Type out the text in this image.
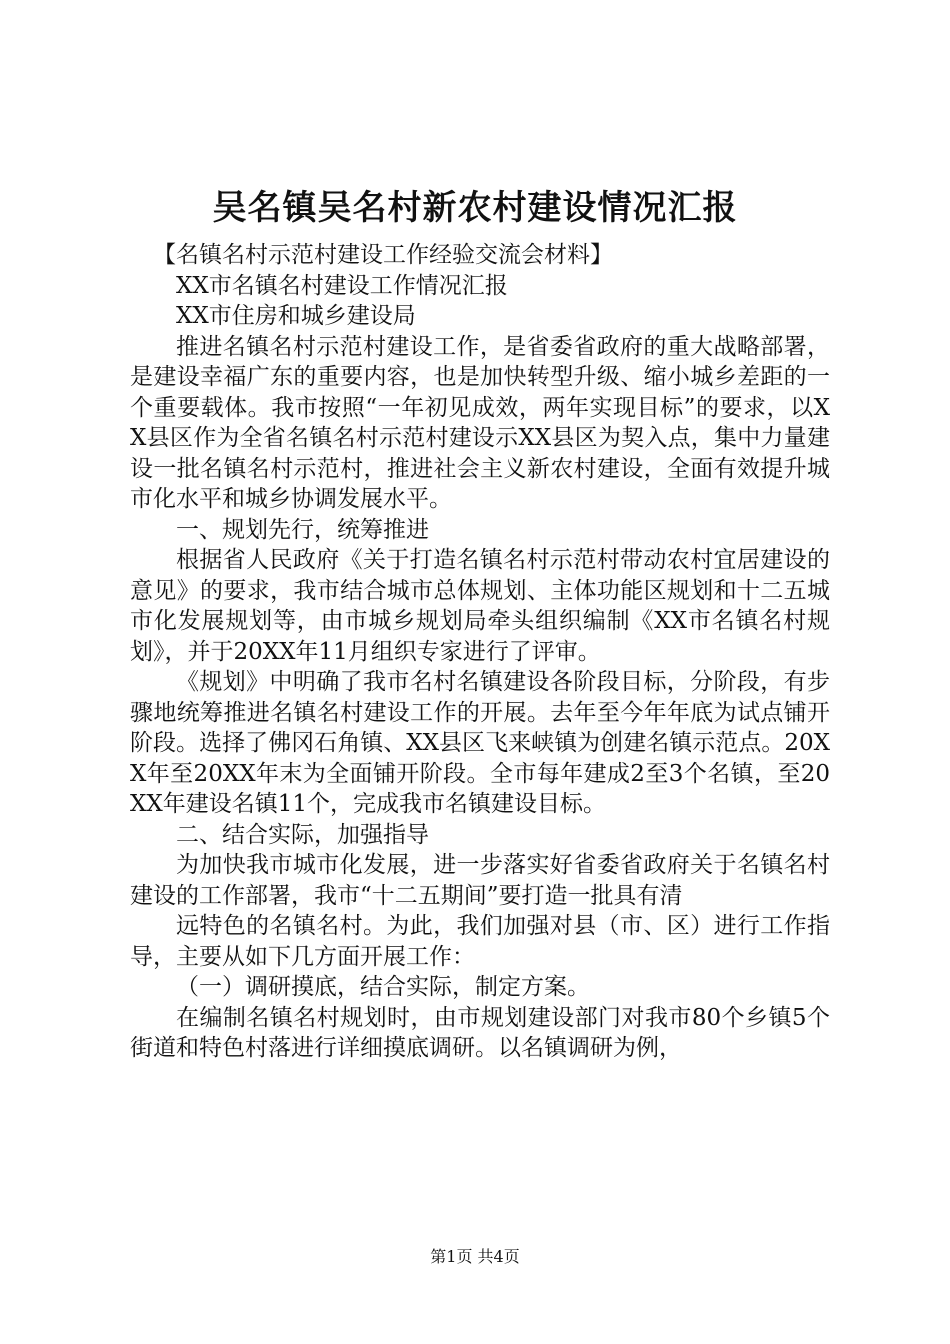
吴名镇吴名村新农村建设情况汇报

【名镇名村示范村建设工作经验交流会材料】

XX市名镇名村建设工作情况汇报

XX市住房和城乡建设局

推进名镇名村示范村建设工作，是省委省政府的重大战略部署，是建设幸福广东的重要内容，也是加快转型升级、缩小城乡差距的一个重要载体。我市按照“一年初见成效，两年实现目标”的要求，以XX县区作为全省名镇名村示范村建设示XX县区为契入点，集中力量建设一批名镇名村示范村，推进社会主义新农村建设，全面有效提升城市化水平和城乡协调发展水平。

一、规划先行，统筹推进

根据省人民政府《关于打造名镇名村示范村带动农村宜居建设的意见》的要求，我市结合城市总体规划、主体功能区规划和十二五城市化发展规划等，由市城乡规划局牵头组织编制《XX市名镇名村规划》，并于20XX年11月组织专家进行了评审。

《规划》中明确了我市名村名镇建设各阶段目标，分阶段，有步骤地统筹推进名镇名村建设工作的开展。去年至今年年底为试点铺开阶段。选择了佛冈石角镇、XX县区飞来峡镇为创建名镇示范点。20XX年至20XX年末为全面铺开阶段。全市每年建成2至3个名镇，至20XX年建设名镇11个，完成我市名镇建设目标。

二、结合实际，加强指导

为加快我市城市化发展，进一步落实好省委省政府关于名镇名村建设的工作部署，我市“十二五期间”要打造一批具有清

远特色的名镇名村。为此，我们加强对县（市、区）进行工作指导，主要从如下几方面开展工作：

（一）调研摸底，结合实际，制定方案。

在编制名镇名村规划时，由市规划建设部门对我市80个乡镇5个街道和特色村落进行详细摸底调研。以名镇调研为例，

第1页 共4页
